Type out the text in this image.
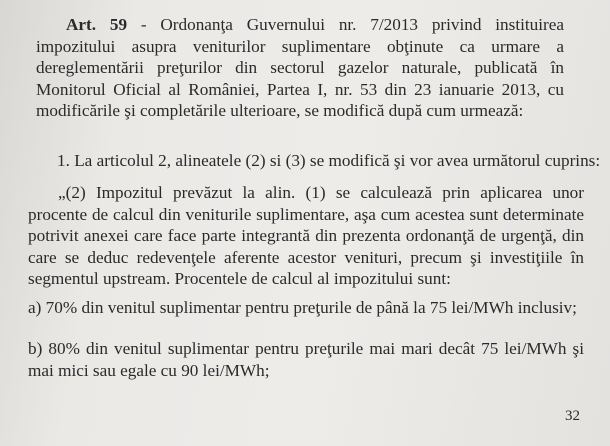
Art. 59 - Ordonanţa Guvernului nr. 7/2013 privind instituirea impozitului asupra veniturilor suplimentare obţinute ca urmare a dereglementării preţurilor din sectorul gazelor naturale, publicată în Monitorul Oficial al României, Partea I, nr. 53 din 23 ianuarie 2013, cu modificările şi completările ulterioare, se modifică după cum urmează:

1. La articolul 2, alineatele (2) si (3) se modifică şi vor avea următorul cuprins:

„(2) Impozitul prevăzut la alin. (1) se calculează prin aplicarea unor procente de calcul din veniturile suplimentare, aşa cum acestea sunt determinate potrivit anexei care face parte integrantă din prezenta ordonanţă de urgenţă, din care se deduc redevenţele aferente acestor venituri, precum şi investiţiile în segmentul upstream. Procentele de calcul al impozitului sunt:

a) 70% din venitul suplimentar pentru preţurile de până la 75 lei/MWh inclusiv;

b) 80% din venitul suplimentar pentru preţurile mai mari decât 75 lei/MWh şi mai mici sau egale cu 90 lei/MWh;

32
